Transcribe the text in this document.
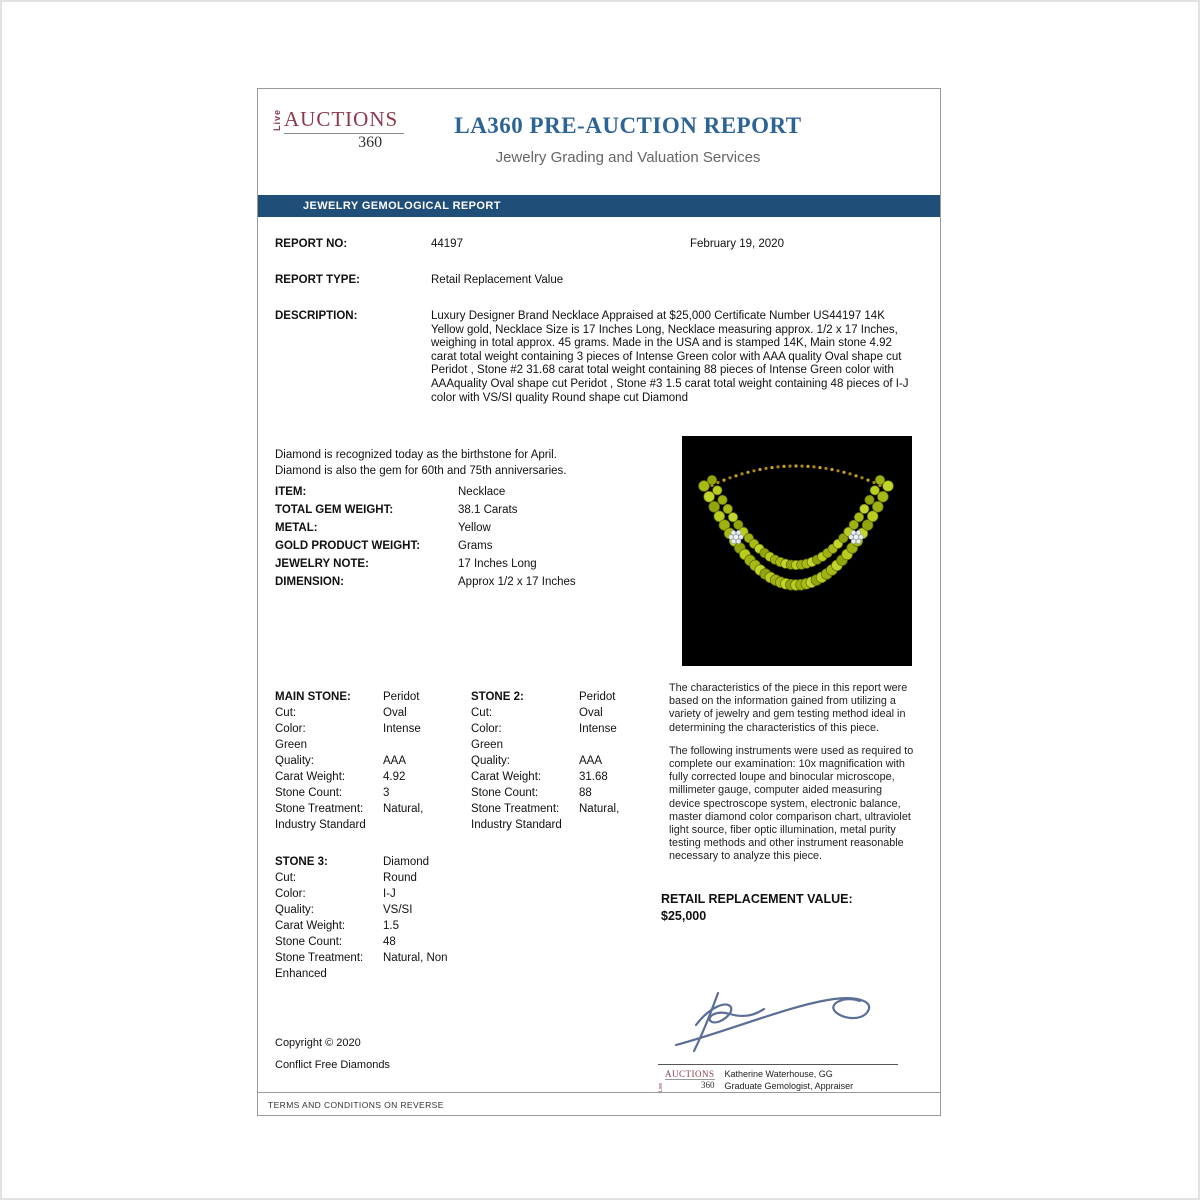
Live AUCTIONS
360
LA360 PRE-AUCTION REPORT
Jewelry Grading and Valuation Services
JEWELRY GEMOLOGICAL REPORT
REPORT NO:	44197	February 19, 2020
REPORT TYPE:	Retail Replacement Value
DESCRIPTION:	Luxury Designer Brand Necklace Appraised at $25,000 Certificate Number US44197 14K Yellow gold, Necklace Size is 17 Inches Long, Necklace measuring approx. 1/2 x 17 Inches, weighing in total approx. 45 grams. Made in the USA and is stamped 14K, Main stone 4.92 carat total weight containing 3 pieces of Intense Green color with AAA quality Oval shape cut Peridot , Stone #2 31.68 carat total weight containing 88 pieces of Intense Green color with AAAquality Oval shape cut Peridot , Stone #3 1.5 carat total weight containing 48 pieces of I-J color with VS/SI quality Round shape cut Diamond
Diamond is recognized today as the birthstone for April.
Diamond is also the gem for 60th and 75th anniversaries.
ITEM:	Necklace
TOTAL GEM WEIGHT:	38.1 Carats
METAL:	Yellow
GOLD PRODUCT WEIGHT:	Grams
JEWELRY NOTE:	17 Inches Long
DIMENSION:	Approx 1/2 x 17 Inches
MAIN STONE:	Peridot
Cut:	Oval
Color:	Intense Green
Quality:	AAA
Carat Weight:	4.92
Stone Count:	3
Stone Treatment: Natural, Industry Standard
STONE 2:	Peridot
Cut:	Oval
Color:	Intense Green
Quality:	AAA
Carat Weight:	31.68
Stone Count:	88
Stone Treatment: Natural, Industry Standard
STONE 3:	Diamond
Cut:	Round
Color:	I-J
Quality:	VS/SI
Carat Weight:	1.5
Stone Count:	48
Stone Treatment: Natural, Non Enhanced
The characteristics of the piece in this report were based on the information gained from utilizing a variety of jewelry and gem testing method ideal in determining the characteristics of this piece.
The following instruments were used as required to complete our examination: 10x magnification with fully corrected loupe and binocular microscope, millimeter gauge, computer aided measuring device spectroscope system, electronic balance, master diamond color comparison chart, ultraviolet light source, fiber optic illumination, metal purity testing methods and other instrument reasonable necessary to analyze this piece.
RETAIL REPLACEMENT VALUE:
$25,000
Copyright © 2020
Conflict Free Diamonds
Live
AUCTIONS
360
Katherine Waterhouse, GG
Graduate Gemologist, Appraiser
TERMS AND CONDITIONS ON REVERSE
